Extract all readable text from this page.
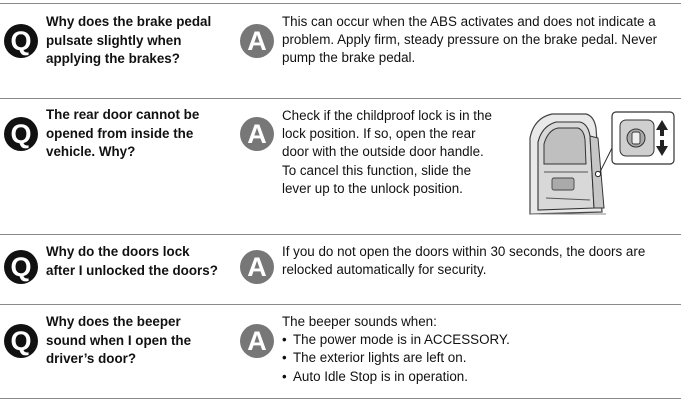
Q
Why does the brake pedal
pulsate slightly when
applying the brakes?
A
This can occur when the ABS activates and does not indicate a
problem. Apply firm, steady pressure on the brake pedal. Never
pump the brake pedal.
Q
The rear door cannot be
opened from inside the
vehicle. Why?
A
Check if the childproof lock is in the
lock position. If so, open the rear
door with the outside door handle.
To cancel this function, slide the
lever up to the unlock position.
Q
Why do the doors lock
after I unlocked the doors?	A
If you do not open the doors within 30 seconds, the doors are
relocked automatically for security.
Q
Why does the beeper
sound when I open the
driver’s door?
A
The beeper sounds when:
• The power mode is in ACCESSORY.
• The exterior lights are left on.
• Auto Idle Stop is in operation.
